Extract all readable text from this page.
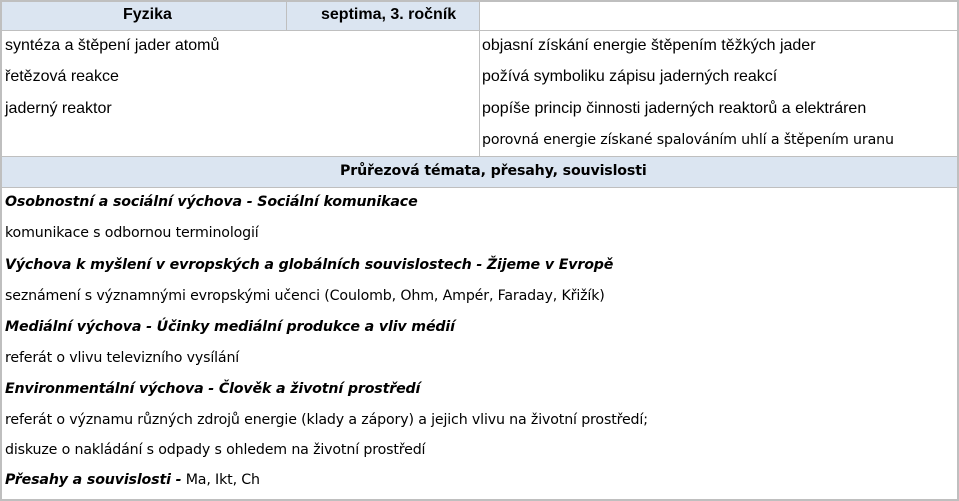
Fyzika	septima, 3. ročník
syntéza a štěpení jader atomů
řetězová reakce
jaderný reaktor
objasní získání energie štěpením těžkých jader
požívá symboliku zápisu jaderných reakcí
popíše princip činnosti jaderných reaktorů a elektráren
porovná energie získané spalováním uhlí a štěpením uranu
Průřezová témata, přesahy, souvislosti
Osobnostní a sociální výchova - Sociální komunikace
komunikace s odbornou terminologií
Výchova k myšlení v evropských a globálních souvislostech - Žijeme v Evropě
seznámení s významnými evropskými učenci (Coulomb, Ohm, Ampér, Faraday, Křižík)
Mediální výchova - Účinky mediální produkce a vliv médií
referát o vlivu televizního vysílání
Environmentální výchova - Člověk a životní prostředí
referát o významu různých zdrojů energie (klady a zápory) a jejich vlivu na životní prostředí;
diskuze o nakládání s odpady s ohledem na životní prostředí
Přesahy a souvislosti - Ma, Ikt, Ch
